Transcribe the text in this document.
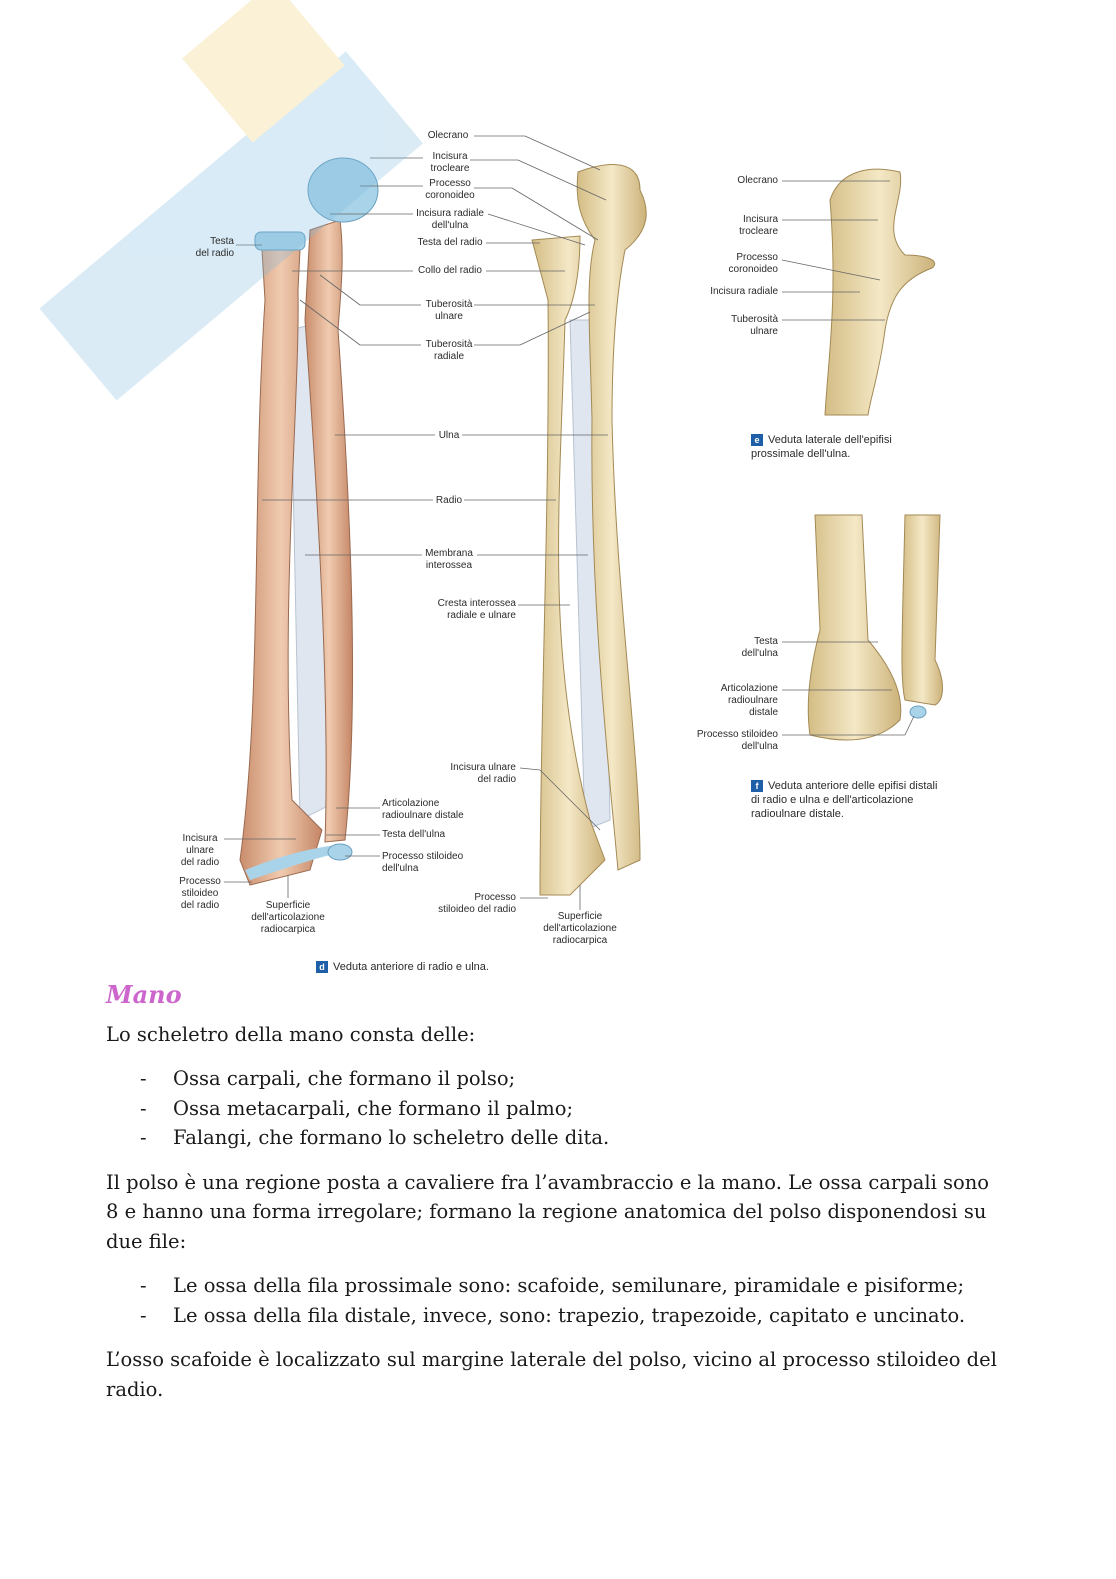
Olecrano
Incisura
trocleare
Processo
coronoideo
Incisura radiale
dell'ulna
Testa
del radio
Testa del radio
Collo del radio
Tuberosità
ulnare
Tuberosità
radiale
Ulna
Radio
Membrana
interossea
Cresta interossea
radiale e ulnare
Incisura ulnare
del radio
Articolazione
radioulnare distale
Testa dell'ulna
Processo stiloideo
dell'ulna
Incisura
ulnare
del radio
Processo
stiloideo
del radio	Superficie
dell'articolazione
radiocarpica
Processo
stiloideo del radio
Superficie
dell'articolazione
radiocarpica
Olecrano
Incisura
trocleare
Processo
coronoideo
Incisura radiale
Tuberosità
ulnare
Testa
dell'ulna
Articolazione
radioulnare
distale
Processo stiloideo
dell'ulna
d Veduta anteriore di radio e ulna.
e Veduta laterale dell'epifisi
prossimale dell'ulna.
f Veduta anteriore delle epifisi distali
di radio e ulna e dell'articolazione
radioulnare distale.
Mano

Lo scheletro della mano consta delle:

- Ossa carpali, che formano il polso;
- Ossa metacarpali, che formano il palmo;
- Falangi, che formano lo scheletro delle dita.

Il polso è una regione posta a cavaliere fra l’avambraccio e la mano. Le ossa carpali sono 8 e hanno una forma irregolare; formano la regione anatomica del polso disponendosi su due file:

- Le ossa della fila prossimale sono: scafoide, semilunare, piramidale e pisiforme;
- Le ossa della fila distale, invece, sono: trapezio, trapezoide, capitato e uncinato.

L’osso scafoide è localizzato sul margine laterale del polso, vicino al processo stiloideo del radio.
